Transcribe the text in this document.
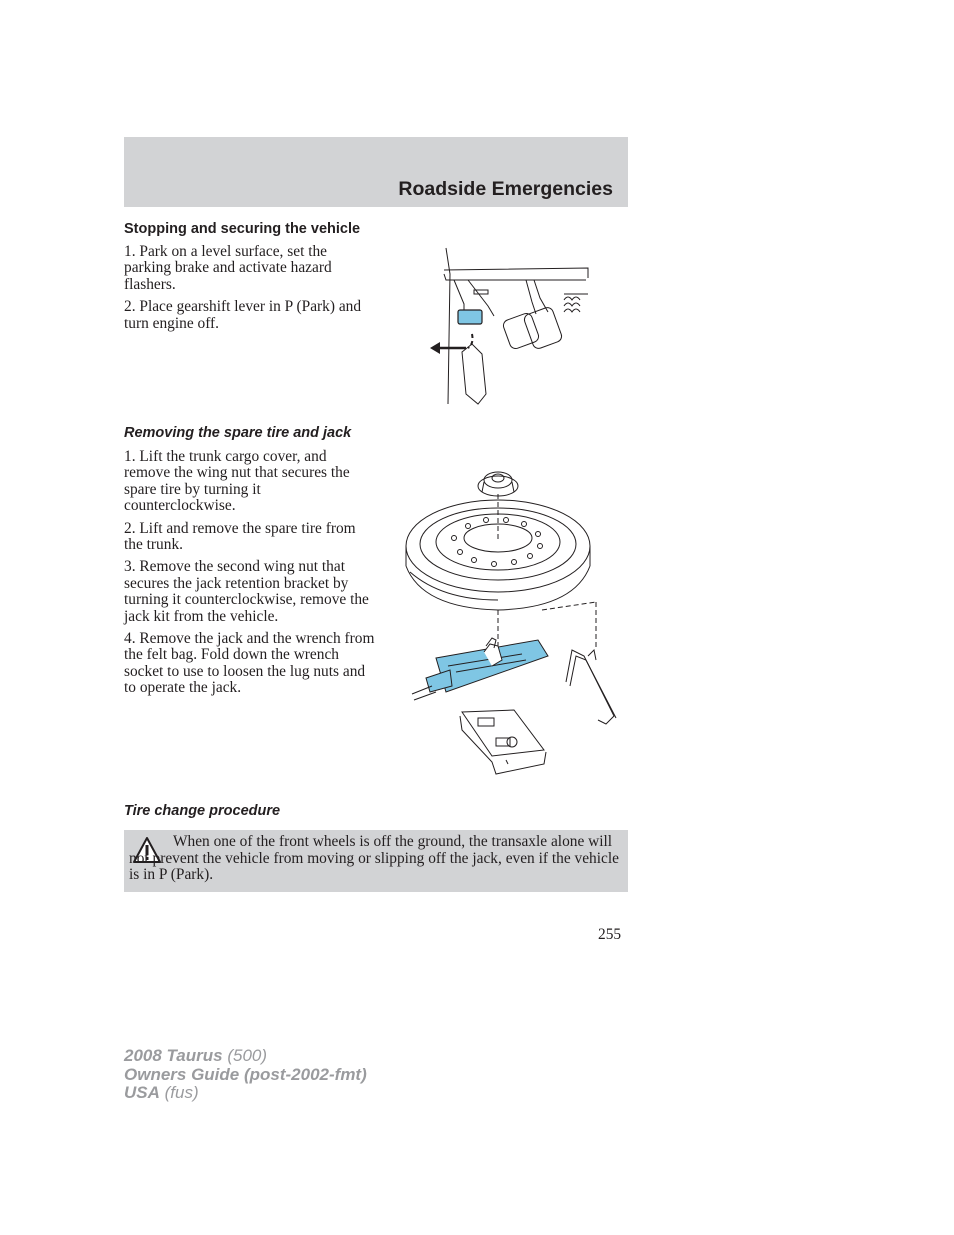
Roadside Emergencies
Stopping and securing the vehicle

1. Park on a level surface, set the parking brake and activate hazard flashers.

2. Place gearshift lever in P (Park) and turn engine off.

Removing the spare tire and jack

1. Lift the trunk cargo cover, and remove the wing nut that secures the spare tire by turning it counterclockwise.

2. Lift and remove the spare tire from the trunk.

3. Remove the second wing nut that secures the jack retention bracket by turning it counterclockwise, remove the jack kit from the vehicle.

4. Remove the jack and the wrench from the felt bag. Fold down the wrench socket to use to loosen the lug nuts and to operate the jack.

Tire change procedure
When one of the front wheels is off the ground, the transaxle alone will not prevent the vehicle from moving or slipping off the jack, even if the vehicle is in P (Park).
255
2008 Taurus (500)
Owners Guide (post-2002-fmt)
USA (fus)
